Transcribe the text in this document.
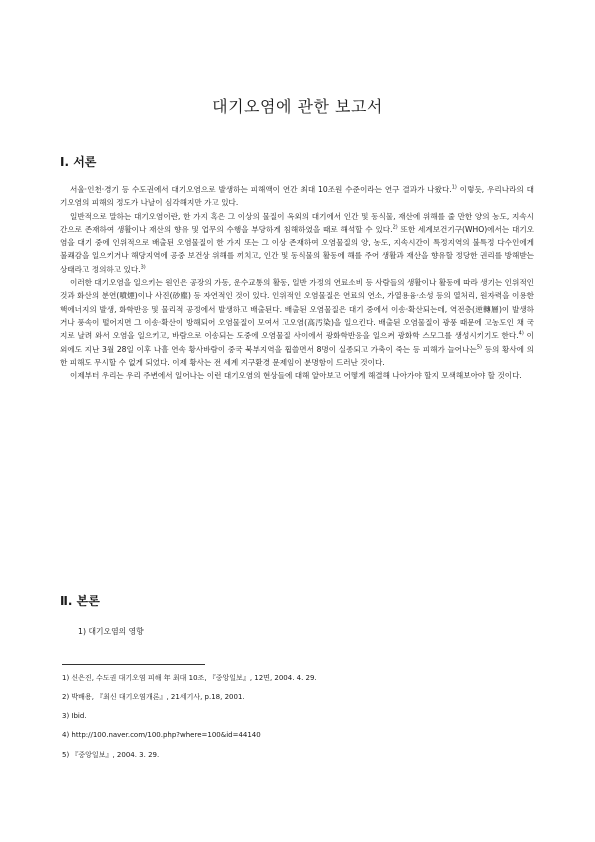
대기오염에 관한 보고서
Ⅰ. 서론

서울·인천·경기 등 수도권에서 대기오염으로 발생하는 피해액이 연간 최대 10조원 수준이라는 연구 결과가 나왔다.$^{1)}$ 이렇듯, 우리나라의 대기오염의 피해의 정도가 나날이 심각해지만 가고 있다.

일반적으로 말하는 대기오염이란, 한 가지 혹은 그 이상의 물질이 옥외의 대기에서 인간 및 동식물, 재산에 위해를 줄 만한 양의 농도, 지속시간으로 존재하여 생활이나 재산의 향유 및 업무의 수행을 부당하게 침해하였을 때로 해석할 수 있다.$^{2)}$ 또한 세계보건기구(WHO)에서는 대기오염을 대기 중에 인위적으로 배출된 오염물질이 한 가지 또는 그 이상 존재하여 오염물질의 양, 농도, 지속시간이 특정지역의 불특정 다수인에게 불쾌감을 일으키거나 해당지역에 공중 보건상 위해를 끼치고, 인간 및 동식물의 활동에 해를 주어 생활과 재산을 향유할 정당한 권리를 방해받는 상태라고 정의하고 있다.$^{3)}$

이러한 대기오염을 일으키는 원인은 공장의 가동, 운수교통의 활동, 일반 가정의 연료소비 등 사람들의 생활이나 활동에 따라 생기는 인위적인 것과 화산의 분연(噴煙)이나 사진(砂塵) 등 자연적인 것이 있다. 인위적인 오염물질은 연료의 연소, 가열용융·소성 등의 열처리, 원자력을 이용한 핵에너지의 발생, 화학반응 및 물리적 공정에서 발생하고 배출된다. 배출된 오염물질은 대기 중에서 이송·확산되는데, 역전층(逆轉層)이 발생하거나 풍속이 떨어지면 그 이송·확산이 방해되어 오염물질이 모여서 고오염(高汚染)을 일으킨다. 배출된 오염물질이 광풍 때문에 고농도인 채 국지로 날려 와서 오염을 일으키고, 바람으로 이송되는 도중에 오염물질 사이에서 광화학반응을 일으켜 광화학 스모그를 생성시키기도 한다.$^{4)}$ 이 외에도 지난 3월 28일 이후 나흘 연속 황사바람이 중국 북부지역을 휩쓸면서 8명이 실종되고 가축이 죽는 등 피해가 늘어나는$^{5)}$ 등의 황사에 의한 피해도 무시할 수 없게 되었다. 이제 황사는 전 세계 지구환경 문제임이 분명함이 드러난 것이다.

이제부터 우리는 우리 주변에서 일어나는 이런 대기오염의 현상들에 대해 알아보고 어떻게 해결해 나아가야 할지 모색해보아야 할 것이다.

Ⅱ. 본론
1) 대기오염의 영향
1) 신은진, 수도권 대기오염 피해 年 최대 10조, 『중앙일보』, 12면, 2004. 4. 29.
2) 박배용, 『최신 대기오염개론』, 21세기사, p.18, 2001.
3) Ibid.
4) http://100.naver.com/100.php?where=100&id=44140
5) 『중앙일보』, 2004. 3. 29.
